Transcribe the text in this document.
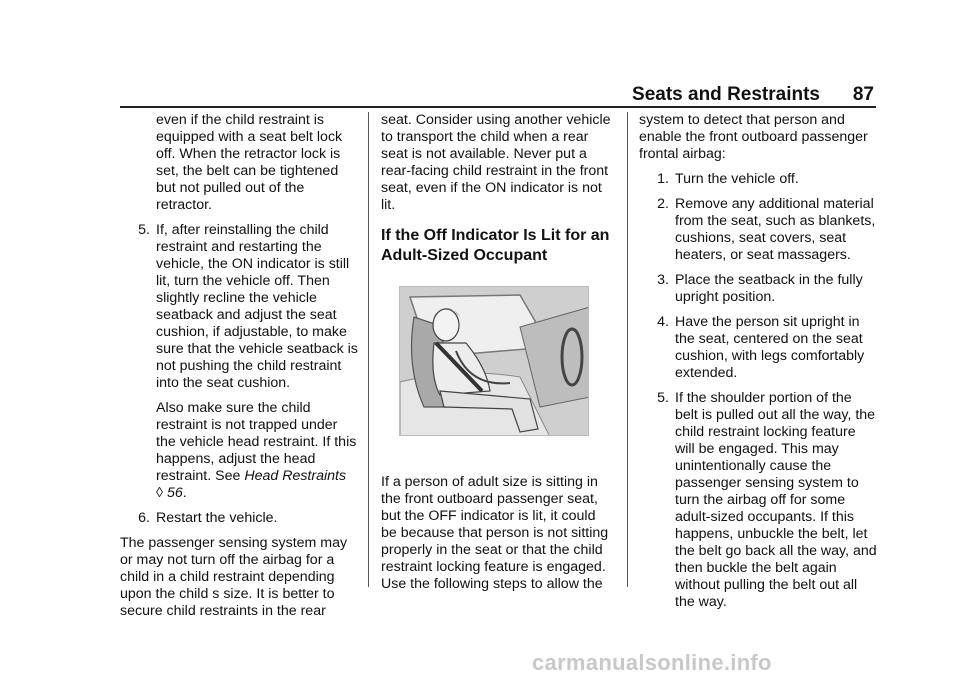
Seats and Restraints 87

even if the child restraint is equipped with a seat belt lock off. When the retractor lock is set, the belt can be tightened but not pulled out of the retractor.

5. If, after reinstalling the child restraint and restarting the vehicle, the ON indicator is still lit, turn the vehicle off. Then slightly recline the vehicle seatback and adjust the seat cushion, if adjustable, to make sure that the vehicle seatback is not pushing the child restraint into the seat cushion.

Also make sure the child restraint is not trapped under the vehicle head restraint. If this happens, adjust the head restraint. See Head Restraints
◊ 56.

6. Restart the vehicle.

The passenger sensing system may or may not turn off the airbag for a child in a child restraint depending upon the child s size. It is better to secure child restraints in the rear

seat. Consider using another vehicle to transport the child when a rear seat is not available. Never put a rear-facing child restraint in the front seat, even if the ON indicator is not lit.

If the Off Indicator Is Lit for an Adult-Sized Occupant

If a person of adult size is sitting in the front outboard passenger seat, but the OFF indicator is lit, it could be because that person is not sitting properly in the seat or that the child restraint locking feature is engaged. Use the following steps to allow the

system to detect that person and enable the front outboard passenger frontal airbag:

1. Turn the vehicle off.

2. Remove any additional material from the seat, such as blankets, cushions, seat covers, seat heaters, or seat massagers.

3. Place the seatback in the fully upright position.

4. Have the person sit upright in the seat, centered on the seat cushion, with legs comfortably extended.

5. If the shoulder portion of the belt is pulled out all the way, the child restraint locking feature will be engaged. This may unintentionally cause the passenger sensing system to turn the airbag off for some adult-sized occupants. If this happens, unbuckle the belt, let the belt go back all the way, and then buckle the belt again without pulling the belt out all the way.

carmanualsonline.info
